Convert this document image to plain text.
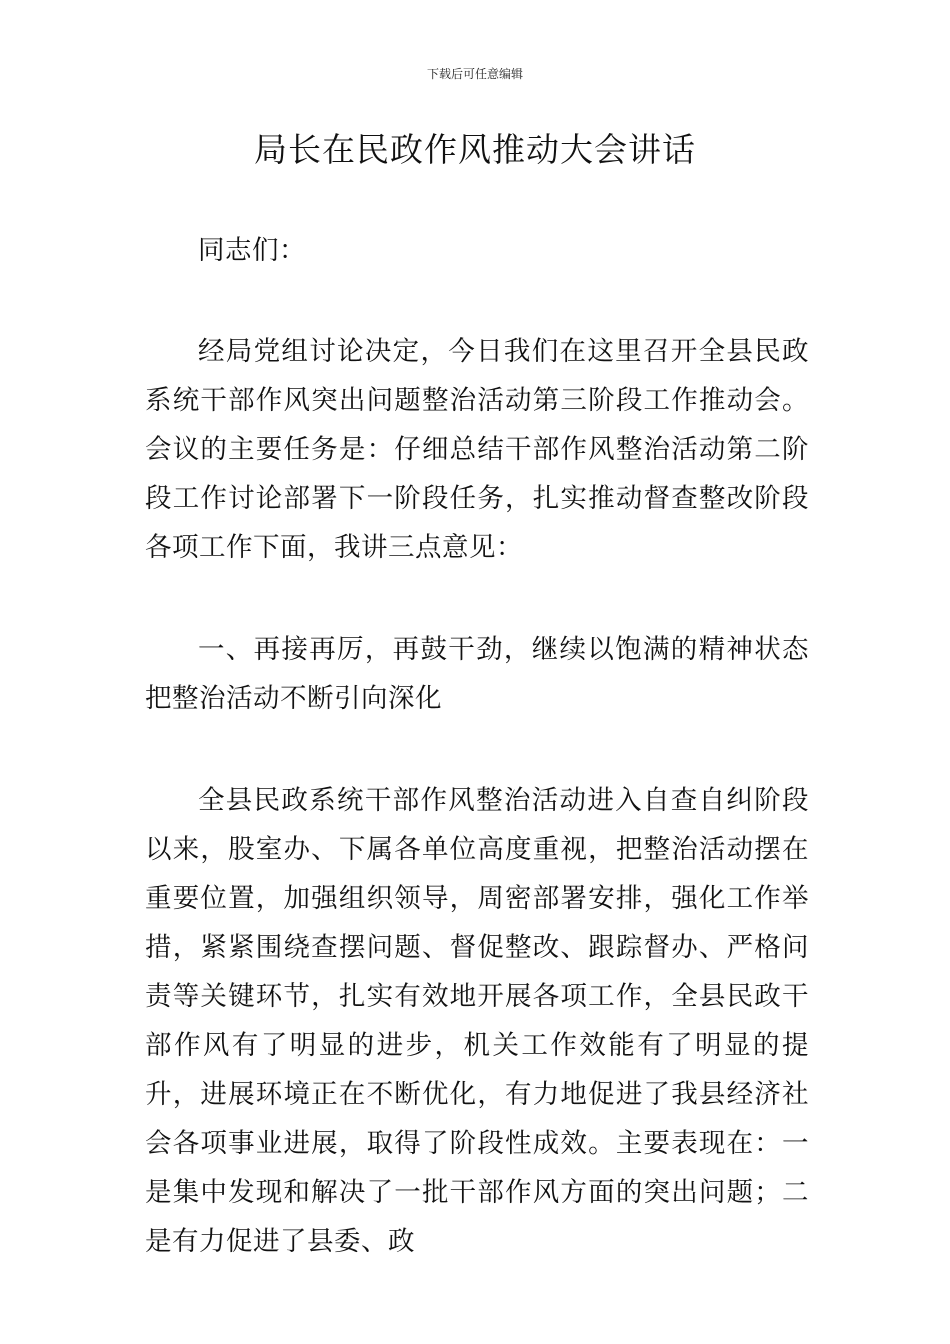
下载后可任意编辑
局长在民政作风推动大会讲话

同志们：

经局党组讨论决定，今日我们在这里召开全县民政系统干部作风突出问题整治活动第三阶段工作推动会。会议的主要任务是：仔细总结干部作风整治活动第二阶段工作讨论部署下一阶段任务，扎实推动督查整改阶段各项工作下面，我讲三点意见：

一、再接再厉，再鼓干劲，继续以饱满的精神状态把整治活动不断引向深化

全县民政系统干部作风整治活动进入自查自纠阶段以来，股室办、下属各单位高度重视，把整治活动摆在重要位置，加强组织领导，周密部署安排，强化工作举措，紧紧围绕查摆问题、督促整改、跟踪督办、严格问责等关键环节，扎实有效地开展各项工作，全县民政干部作风有了明显的进步，机关工作效能有了明显的提升，进展环境正在不断优化，有力地促进了我县经济社会各项事业进展，取得了阶段性成效。主要表现在：一是集中发现和解决了一批干部作风方面的突出问题；二是有力促进了县委、政
